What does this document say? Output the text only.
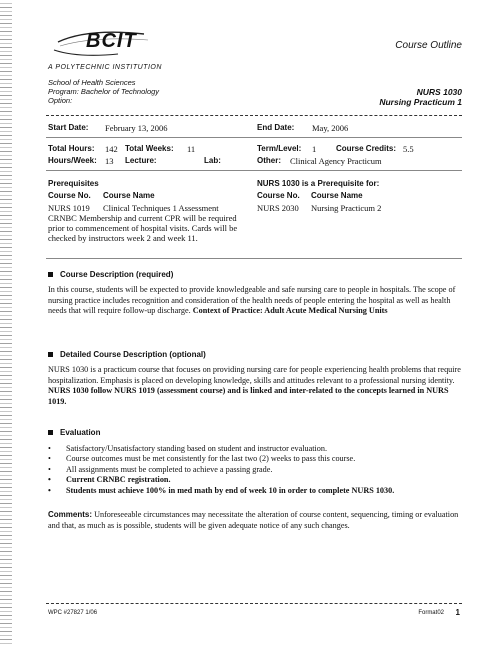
BCIT
A POLYTECHNIC INSTITUTION
Course Outline
School of Health Sciences
Program: Bachelor of Technology
Option:
NURS 1030
Nursing Practicum 1
Start Date: February 13, 2006	End Date: May, 2006
Total Hours: 142 Total Weeks: 11	Term/Level: 1 Course Credits: 5.5
Hours/Week: 13 Lecture:	Lab:	Other: Clinical Agency Practicum
Prerequisites
Course No. Course Name
NURS 1019 Clinical Techniques 1 Assessment
CRNBC Membership and current CPR will be required prior to commencement of hospital visits. Cards will be checked by instructors week 2 and week 11.
NURS 1030 is a Prerequisite for:
Course No. Course Name
NURS 2030 Nursing Practicum 2
Course Description (required)
In this course, students will be expected to provide knowledgeable and safe nursing care to people in hospitals. The scope of nursing practice includes recognition and consideration of the health needs of people entering the hospital as well as health needs that will require follow-up discharge. Context of Practice: Adult Acute Medical Nursing Units
Detailed Course Description (optional)
NURS 1030 is a practicum course that focuses on providing nursing care for people experiencing health problems that require hospitalization. Emphasis is placed on developing knowledge, skills and attitudes relevant to a professional nursing identity. NURS 1030 follow NURS 1019 (assessment course) and is linked and inter-related to the concepts learned in NURS 1019.
Evaluation
• Satisfactory/Unsatisfactory standing based on student and instructor evaluation.
• Course outcomes must be met consistently for the last two (2) weeks to pass this course.
• All assignments must be completed to achieve a passing grade.
• Current CRNBC registration.
• Students must achieve 100% in med math by end of week 10 in order to complete NURS 1030.
Comments: Unforeseeable circumstances may necessitate the alteration of course content, sequencing, timing or evaluation and that, as much as is possible, students will be given adequate notice of any such changes.
WPC #27827 1/06	Format02 1
